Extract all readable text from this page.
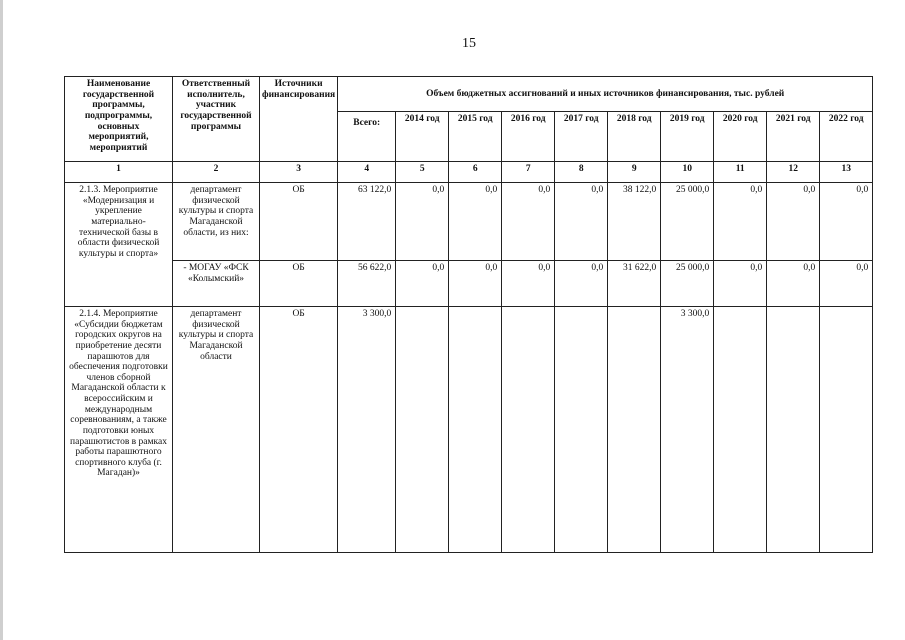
15
Наименование государственной программы, подпрограммы, основных мероприятий, мероприятий	Ответственный исполнитель, участник государственной программы	Источники финансирования	Объем бюджетных ассигнований и иных источников финансирования, тыс. рублей									
			Всего:	2014 год	2015 год	2016 год	2017 год	2018 год	2019 год	2020 год	2021 год	2022 год
1	2	3	4	5	6	7	8	9	10	11	12	13
2.1.3. Мероприятие «Модернизация и укрепление материально-технической базы в области физической культуры и спорта»	департамент физической культуры и спорта Магаданской области, из них:	ОБ	63 122,0	0,0	0,0	0,0	0,0	38 122,0	25 000,0	0,0	0,0	0,0
	- МОГАУ «ФСК «Колымский»	ОБ	56 622,0	0,0	0,0	0,0	0,0	31 622,0	25 000,0	0,0	0,0	0,0
2.1.4. Мероприятие «Субсидии бюджетам городских округов на приобретение десяти парашютов для обеспечения подготовки членов сборной Магаданской области к всероссийским и международным соревнованиям, а также подготовки юных парашютистов в рамках работы парашютного спортивного клуба (г. Магадан)»	департамент физической культуры и спорта Магаданской области	ОБ	3 300,0						3 300,0			
